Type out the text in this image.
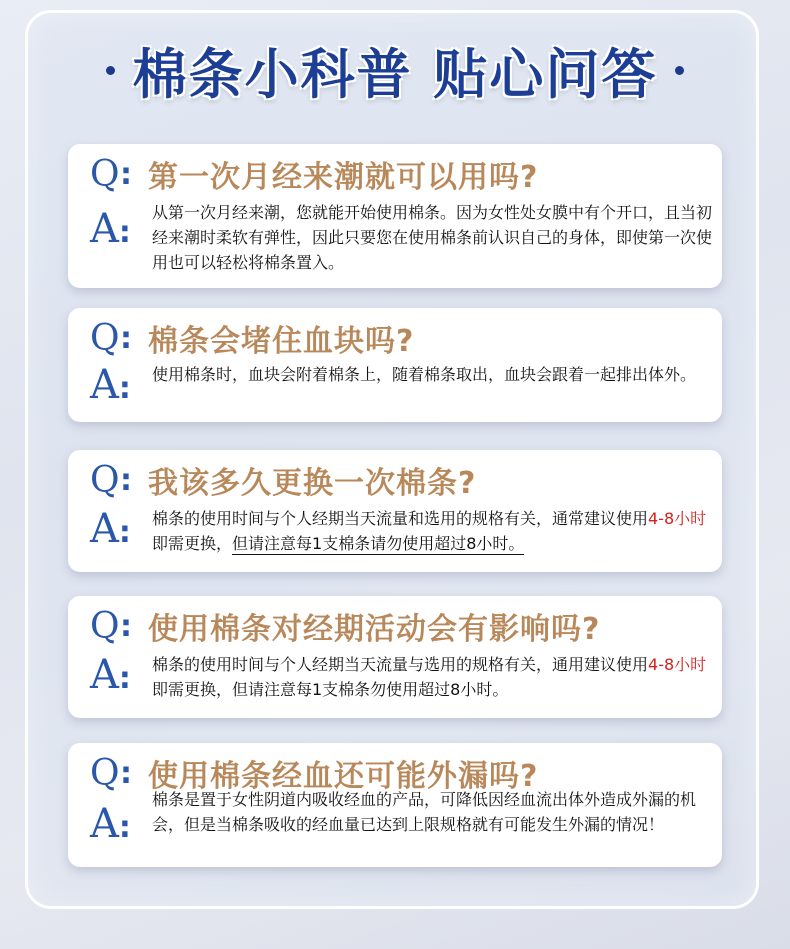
棉条小科普 贴心问答
Q : 第一次月经来潮就可以用吗?
A:
从第一次月经来潮，您就能开始使用棉条。因为女性处女膜中有个开口，且当初经来潮时柔软有弹性，因此只要您在使用棉条前认识自己的身体，即使第一次使用也可以轻松将棉条置入。
Q : 棉条会堵住血块吗?
A: 使用棉条时，血块会附着棉条上，随着棉条取出，血块会跟着一起排出体外。
Q : 我该多久更换一次棉条?
A: 棉条的使用时间与个人经期当天流量和选用的规格有关，通常建议使用4-8小时即需更换，但请注意每1支棉条请勿使用超过8小时。
Q : 使用棉条对经期活动会有影响吗?
A: 棉条的使用时间与个人经期当天流量与选用的规格有关，通用建议使用4-8小时即需更换，但请注意每1支棉条勿使用超过8小时。
Q : 使用棉条经血还可能外漏吗?
A:
棉条是置于女性阴道内吸收经血的产品，可降低因经血流出体外造成外漏的机会，但是当棉条吸收的经血量已达到上限规格就有可能发生外漏的情况！
